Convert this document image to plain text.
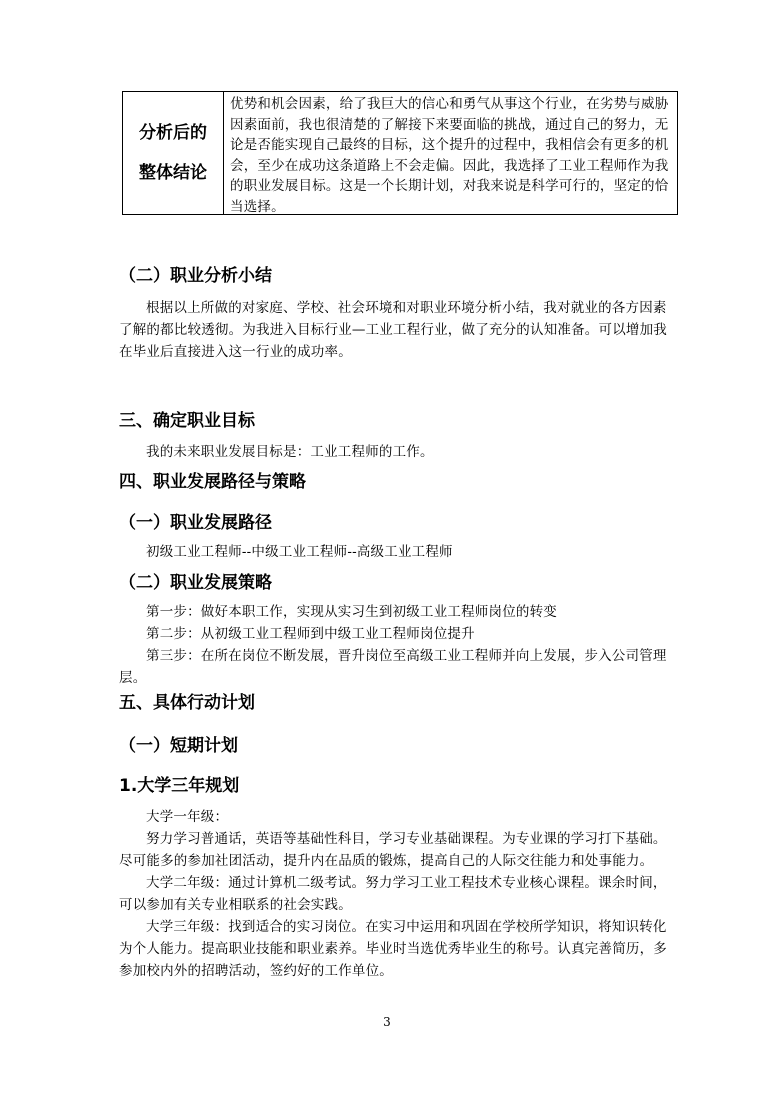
分析后的
整体结论
优势和机会因素，给了我巨大的信心和勇气从事这个行业，在劣势与威胁
因素面前，我也很清楚的了解接下来要面临的挑战，通过自己的努力，无
论是否能实现自己最终的目标，这个提升的过程中，我相信会有更多的机
会，至少在成功这条道路上不会走偏。因此，我选择了工业工程师作为我
的职业发展目标。这是一个长期计划，对我来说是科学可行的，坚定的恰
当选择。
（二）职业分析小结
根据以上所做的对家庭、学校、社会环境和对职业环境分析小结，我对就业的各方因素
了解的都比较透彻。为我进入目标行业—工业工程行业，做了充分的认知准备。可以增加我
在毕业后直接进入这一行业的成功率。
三、确定职业目标
我的未来职业发展目标是：工业工程师的工作。
四、职业发展路径与策略
（一）职业发展路径
初级工业工程师--中级工业工程师--高级工业工程师
（二）职业发展策略
第一步：做好本职工作，实现从实习生到初级工业工程师岗位的转变
第二步：从初级工业工程师到中级工业工程师岗位提升
第三步：在所在岗位不断发展，晋升岗位至高级工业工程师并向上发展，步入公司管理
层。
五、具体行动计划
（一）短期计划
1.大学三年规划
大学一年级：
努力学习普通话，英语等基础性科目，学习专业基础课程。为专业课的学习打下基础。
尽可能多的参加社团活动，提升内在品质的锻炼，提高自己的人际交往能力和处事能力。
大学二年级：通过计算机二级考试。努力学习工业工程技术专业核心课程。课余时间，
可以参加有关专业相联系的社会实践。
大学三年级：找到适合的实习岗位。在实习中运用和巩固在学校所学知识，将知识转化
为个人能力。提高职业技能和职业素养。毕业时当选优秀毕业生的称号。认真完善简历，多
参加校内外的招聘活动，签约好的工作单位。
3
